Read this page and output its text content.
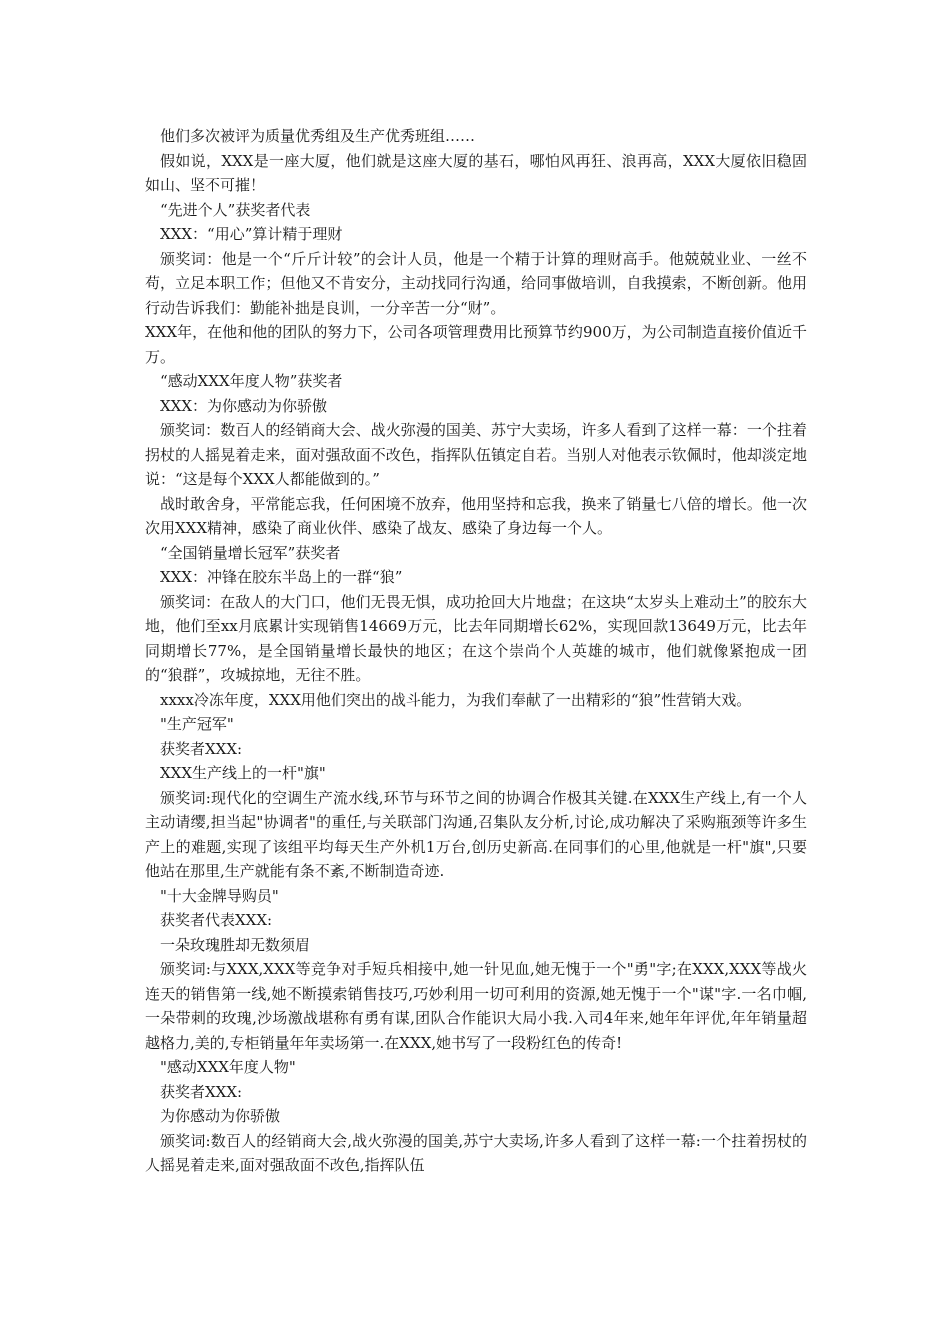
他们多次被评为质量优秀组及生产优秀班组……

假如说，XXX是一座大厦，他们就是这座大厦的基石，哪怕风再狂、浪再高，XXX大厦依旧稳固如山、坚不可摧！

“先进个人”获奖者代表

XXX：“用心”算计精于理财

颁奖词：他是一个“斤斤计较”的会计人员，他是一个精于计算的理财高手。他兢兢业业、一丝不苟，立足本职工作；但他又不肯安分，主动找同行沟通，给同事做培训，自我摸索，不断创新。他用行动告诉我们：勤能补拙是良训，一分辛苦一分“财”。

XXX年，在他和他的团队的努力下，公司各项管理费用比预算节约900万，为公司制造直接价值近千万。

“感动XXX年度人物”获奖者

XXX：为你感动为你骄傲

颁奖词：数百人的经销商大会、战火弥漫的国美、苏宁大卖场，许多人看到了这样一幕：一个拄着拐杖的人摇晃着走来，面对强敌面不改色，指挥队伍镇定自若。当别人对他表示钦佩时，他却淡定地说：“这是每个XXX人都能做到的。”

战时敢舍身，平常能忘我，任何困境不放弃，他用坚持和忘我，换来了销量七八倍的增长。他一次次用XXX精神，感染了商业伙伴、感染了战友、感染了身边每一个人。

“全国销量增长冠军”获奖者

XXX：冲锋在胶东半岛上的一群“狼”

颁奖词：在敌人的大门口，他们无畏无惧，成功抢回大片地盘；在这块“太岁头上难动土”的胶东大地，他们至xx月底累计实现销售14669万元，比去年同期增长62%，实现回款13649万元，比去年同期增长77%，是全国销量增长最快的地区；在这个崇尚个人英雄的城市，他们就像紧抱成一团的“狼群”，攻城掠地，无往不胜。

xxxx冷冻年度，XXX用他们突出的战斗能力，为我们奉献了一出精彩的“狼”性营销大戏。

"生产冠军"

获奖者XXX:

XXX生产线上的一杆"旗"

颁奖词:现代化的空调生产流水线,环节与环节之间的协调合作极其关键.在XXX生产线上,有一个人主动请缨,担当起"协调者"的重任,与关联部门沟通,召集队友分析,讨论,成功解决了采购瓶颈等许多生产上的难题,实现了该组平均每天生产外机1万台,创历史新高.在同事们的心里,他就是一杆"旗",只要他站在那里,生产就能有条不紊,不断制造奇迹.

"十大金牌导购员"

获奖者代表XXX:

一朵玫瑰胜却无数须眉

颁奖词:与XXX,XXX等竞争对手短兵相接中,她一针见血,她无愧于一个"勇"字;在XXX,XXX等战火连天的销售第一线,她不断摸索销售技巧,巧妙利用一切可利用的资源,她无愧于一个"谋"字.一名巾帼,一朵带刺的玫瑰,沙场激战堪称有勇有谋,团队合作能识大局小我.入司4年来,她年年评优,年年销量超越格力,美的,专柜销量年年卖场第一.在XXX,她书写了一段粉红色的传奇!

"感动XXX年度人物"

获奖者XXX:

为你感动为你骄傲

颁奖词:数百人的经销商大会,战火弥漫的国美,苏宁大卖场,许多人看到了这样一幕:一个拄着拐杖的人摇晃着走来,面对强敌面不改色,指挥队伍
